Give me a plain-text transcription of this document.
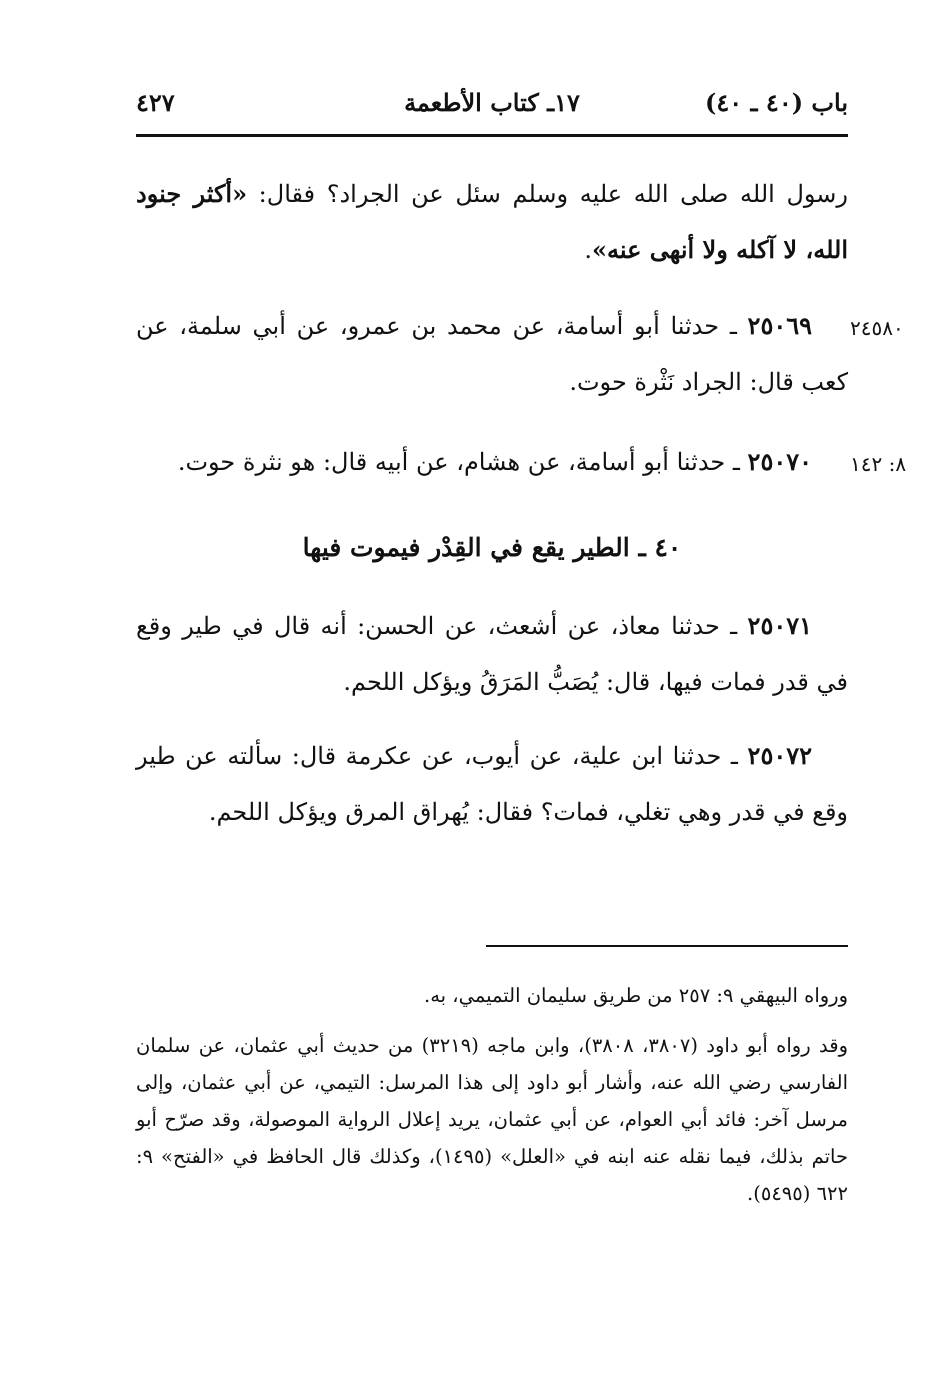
باب (٤٠ ـ ٤٠)
١٧ـ كتاب الأطعمة
٤٢٧
رسول الله صلى الله عليه وسلم سئل عن الجراد؟ فقال: «أكثر جنود الله، لا آكله ولا أنهى عنه».
٢٤٥٨٠
٢٥٠٦٩ ـ حدثنا أبو أسامة، عن محمد بن عمرو، عن أبي سلمة، عن كعب قال: الجراد نَثْرة حوت.
٨: ١٤٢
٢٥٠٧٠ ـ حدثنا أبو أسامة، عن هشام، عن أبيه قال: هو نثرة حوت.
٤٠ ـ الطير يقع في القِدْر فيموت فيها
٢٥٠٧١ ـ حدثنا معاذ، عن أشعث، عن الحسن: أنه قال في طير وقع في قدر فمات فيها، قال: يُصَبُّ المَرَقُ ويؤكل اللحم.
٢٥٠٧٢ ـ حدثنا ابن علية، عن أيوب، عن عكرمة قال: سألته عن طير وقع في قدر وهي تغلي، فمات؟ فقال: يُهراق المرق ويؤكل اللحم.
ورواه البيهقي ٩: ٢٥٧ من طريق سليمان التميمي، به.
وقد رواه أبو داود (٣٨٠٧، ٣٨٠٨)، وابن ماجه (٣٢١٩) من حديث أبي عثمان، عن سلمان الفارسي رضي الله عنه، وأشار أبو داود إلى هذا المرسل: التيمي، عن أبي عثمان، وإلى مرسل آخر: فائد أبي العوام، عن أبي عثمان، يريد إعلال الرواية الموصولة، وقد صرّح أبو حاتم بذلك، فيما نقله عنه ابنه في «العلل» (١٤٩٥)، وكذلك قال الحافظ في «الفتح» ٩: ٦٢٢ (٥٤٩٥).
